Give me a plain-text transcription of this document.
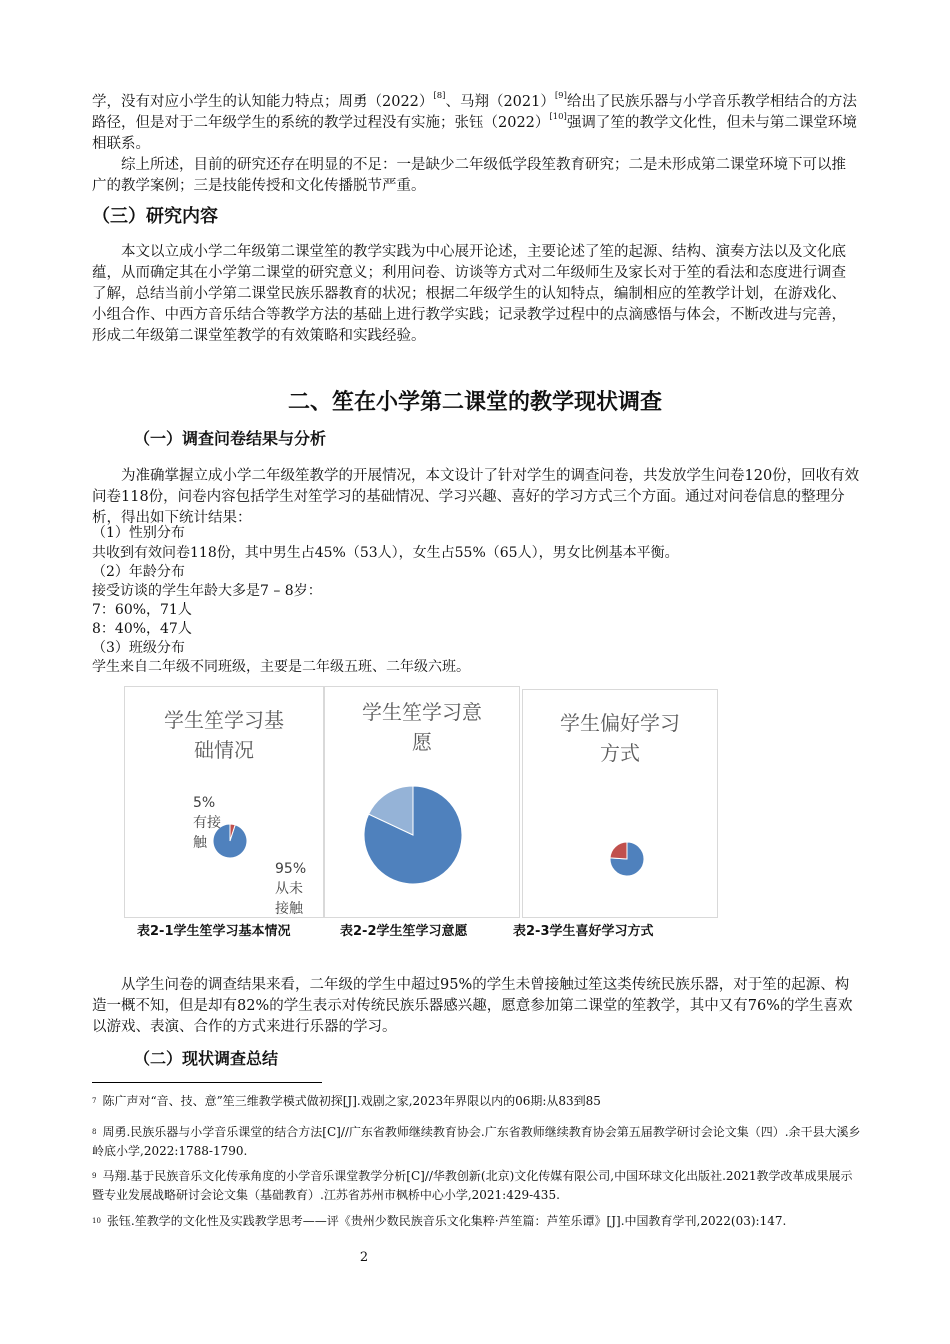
学，没有对应小学生的认知能力特点；周勇（2022）[8]、马翔（2021）[9]给出了民族乐器与小学音乐教学相结合的方法路径，但是对于二年级学生的系统的教学过程没有实施；张钰（2022）[10]强调了笙的教学文化性，但未与第二课堂环境相联系。

综上所述，目前的研究还存在明显的不足：一是缺少二年级低学段笙教育研究；二是未形成第二课堂环境下可以推广的教学案例；三是技能传授和文化传播脱节严重。

（三）研究内容

本文以立成小学二年级第二课堂笙的教学实践为中心展开论述，主要论述了笙的起源、结构、演奏方法以及文化底蕴，从而确定其在小学第二课堂的研究意义；利用问卷、访谈等方式对二年级师生及家长对于笙的看法和态度进行调查了解，总结当前小学第二课堂民族乐器教育的状况；根据二年级学生的认知特点，编制相应的笙教学计划，在游戏化、小组合作、中西方音乐结合等教学方法的基础上进行教学实践；记录教学过程中的点滴感悟与体会，不断改进与完善，形成二年级第二课堂笙教学的有效策略和实践经验。

二、笙在小学第二课堂的教学现状调查
（一）调查问卷结果与分析

为准确掌握立成小学二年级笙教学的开展情况，本文设计了针对学生的调查问卷，共发放学生问卷120份，回收有效问卷118份，问卷内容包括学生对笙学习的基础情况、学习兴趣、喜好的学习方式三个方面。通过对问卷信息的整理分析，得出如下统计结果：

（1）性别分布

共收到有效问卷118份，其中男生占45%（53人），女生占55%（65人），男女比例基本平衡。

（2）年龄分布

接受访谈的学生年龄大多是7 – 8岁：

7：60%，71人

8：40%，47人

（3）班级分布

学生来自二年级不同班级，主要是二年级五班、二年级六班。

学生笙学习基
础情况

5%
有接
触

95%
从未
接触

学生笙学习意
愿

学生偏好学习
方式

表2-1学生笙学习基本情况	表2-2学生笙学习意愿	表2-3学生喜好学习方式

从学生问卷的调查结果来看，二年级的学生中超过95%的学生未曾接触过笙这类传统民族乐器，对于笙的起源、构造一概不知，但是却有82%的学生表示对传统民族乐器感兴趣，愿意参加第二课堂的笙教学，其中又有76%的学生喜欢以游戏、表演、合作的方式来进行乐器的学习。

（二）现状调查总结

$^7$ 陈广声对“音、技、意”笙三维教学模式做初探[J].戏剧之家,2023年界限以内的06期:从83到85

$^8$ 周勇.民族乐器与小学音乐课堂的结合方法[C]//广东省教师继续教育协会.广东省教师继续教育协会第五届教学研讨会论文集（四）.余干县大溪乡岭底小学,2022:1788-1790.

$^9$ 马翔.基于民族音乐文化传承角度的小学音乐课堂教学分析[C]//华教创新(北京)文化传媒有限公司,中国环球文化出版社.2021教学改革成果展示暨专业发展战略研讨会论文集（基础教育）.江苏省苏州市枫桥中心小学,2021:429-435.

$^{10}$ 张钰.笙教学的文化性及实践教学思考——评《贵州少数民族音乐文化集粹·芦笙篇：芦笙乐谭》[J].中国教育学刊,2022(03):147.

2
